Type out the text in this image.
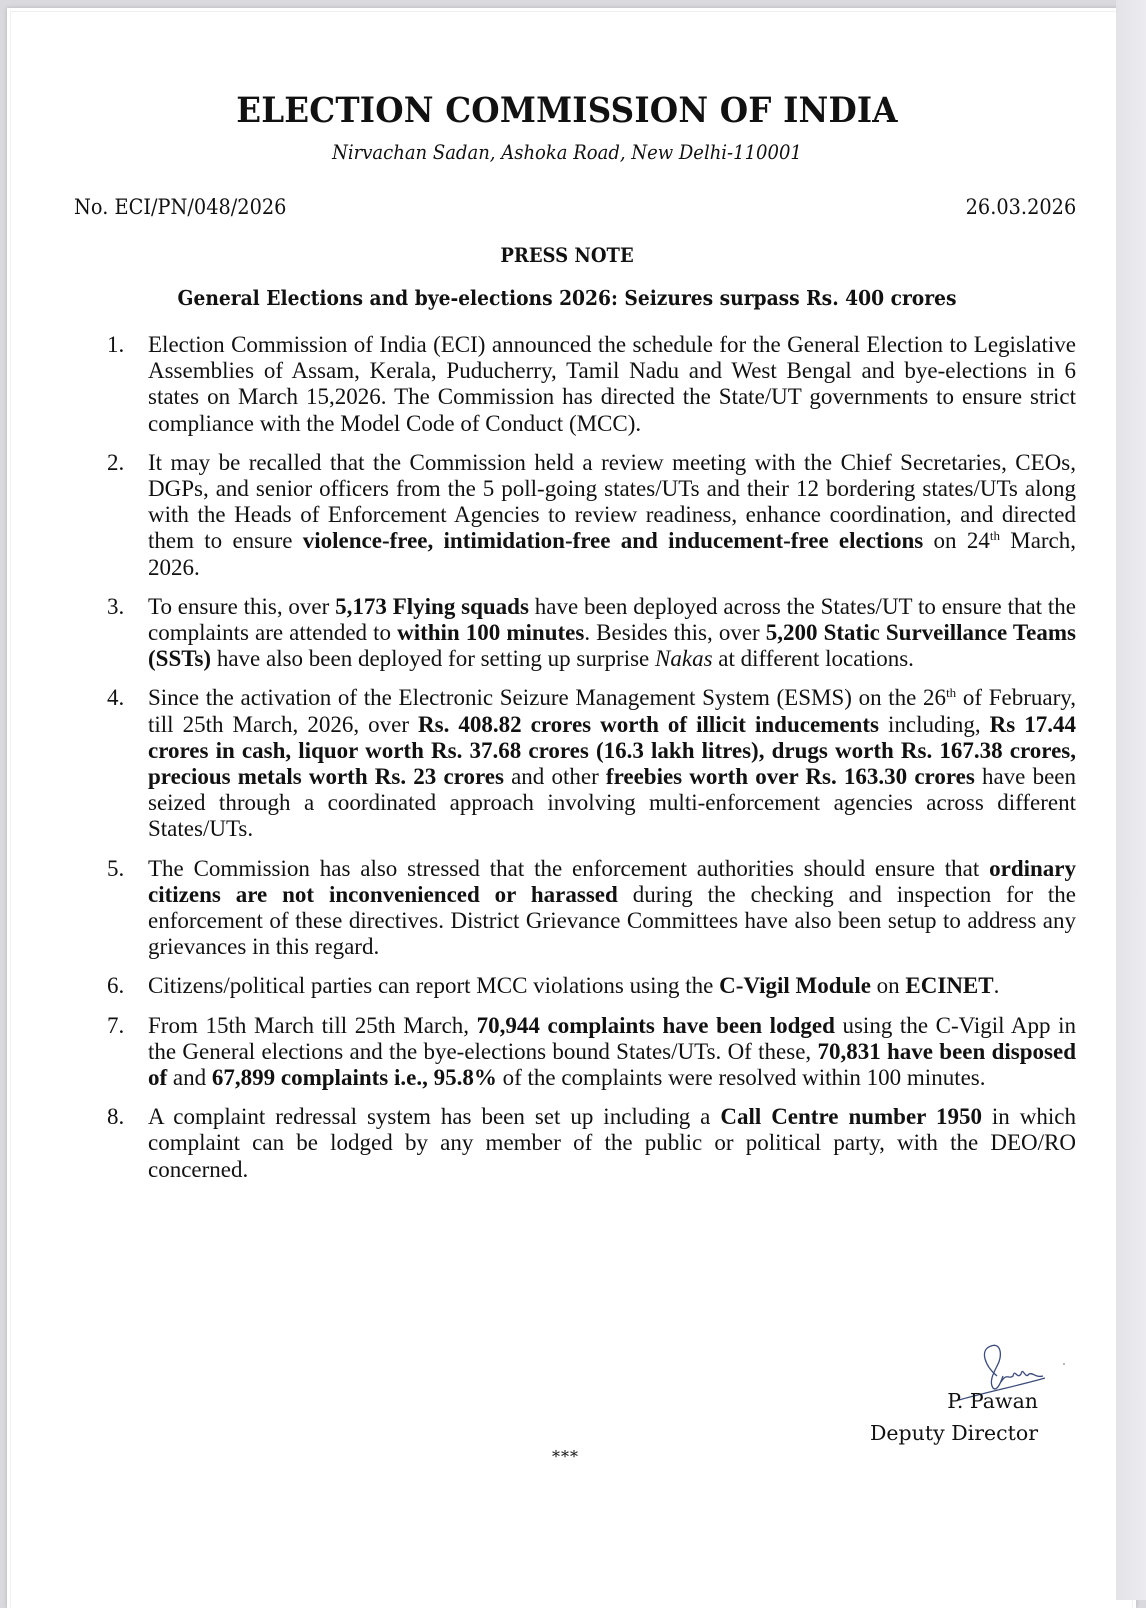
ELECTION COMMISSION OF INDIA
Nirvachan Sadan, Ashoka Road, New Delhi-110001
No. ECI/PN/048/2026	26.03.2026
PRESS NOTE
General Elections and bye-elections 2026: Seizures surpass Rs. 400 crores
1.	Election Commission of India (ECI) announced the schedule for the General Election to Legislative Assemblies of Assam, Kerala, Puducherry, Tamil Nadu and West Bengal and bye-elections in 6 states on March 15,2026. The Commission has directed the State/UT governments to ensure strict compliance with the Model Code of Conduct (MCC).
2.	It may be recalled that the Commission held a review meeting with the Chief Secretaries, CEOs, DGPs, and senior officers from the 5 poll-going states/UTs and their 12 bordering states/UTs along with the Heads of Enforcement Agencies to review readiness, enhance coordination, and directed them to ensure violence-free, intimidation-free and inducement-free elections on 24th March, 2026.
3.	To ensure this, over 5,173 Flying squads have been deployed across the States/UT to ensure that the complaints are attended to within 100 minutes. Besides this, over 5,200 Static Surveillance Teams (SSTs) have also been deployed for setting up surprise Nakas at different locations.
4.	Since the activation of the Electronic Seizure Management System (ESMS) on the 26th of February, till 25th March, 2026, over Rs. 408.82 crores worth of illicit inducements including, Rs 17.44 crores in cash, liquor worth Rs. 37.68 crores (16.3 lakh litres), drugs worth Rs. 167.38 crores, precious metals worth Rs. 23 crores and other freebies worth over Rs. 163.30 crores have been seized through a coordinated approach involving multi-enforcement agencies across different States/UTs.
5.	The Commission has also stressed that the enforcement authorities should ensure that ordinary citizens are not inconvenienced or harassed during the checking and inspection for the enforcement of these directives. District Grievance Committees have also been setup to address any grievances in this regard.
6.	Citizens/political parties can report MCC violations using the C-Vigil Module on ECINET.
7.	From 15th March till 25th March, 70,944 complaints have been lodged using the C-Vigil App in the General elections and the bye-elections bound States/UTs. Of these, 70,831 have been disposed of and 67,899 complaints i.e., 95.8% of the complaints were resolved within 100 minutes.
8.	A complaint redressal system has been set up including a Call Centre number 1950 in which complaint can be lodged by any member of the public or political party, with the DEO/RO concerned.
P. Pawan
Deputy Director
***
